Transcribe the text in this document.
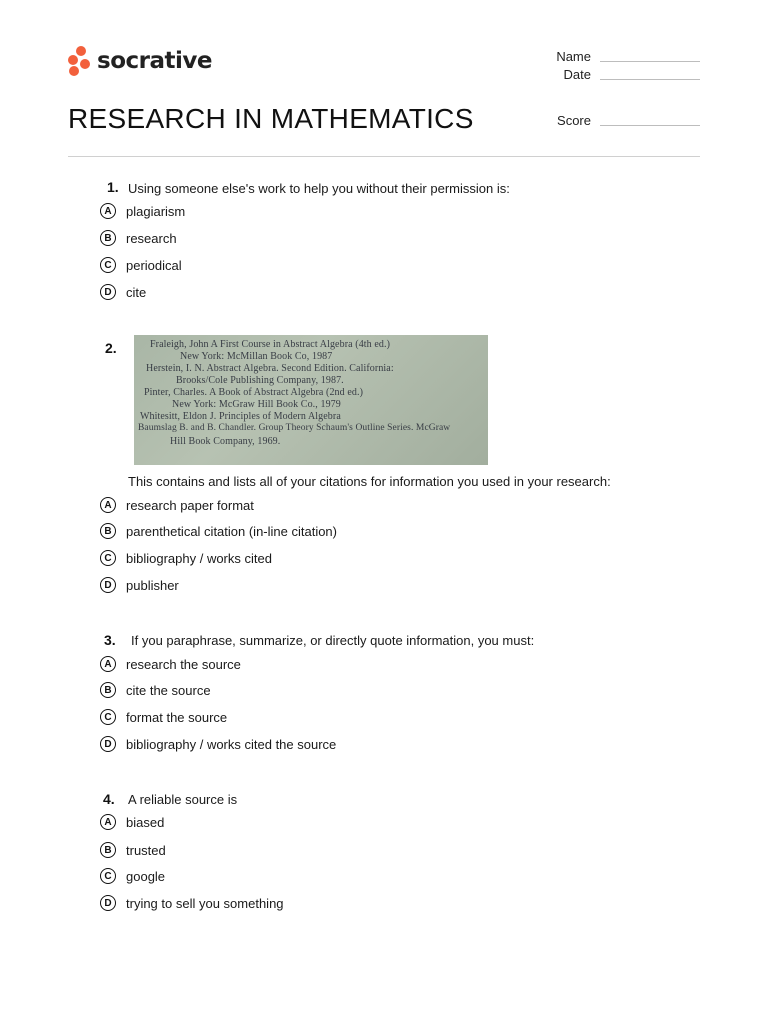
socrative	Name
Date
Score
RESEARCH IN MATHEMATICS
1. Using someone else's work to help you without their permission is:
A	plagiarism
B	research
C	periodical
D	cite
2.	Fraleigh, John A First Course in Abstract Algebra (4th ed.)
New York: McMillan Book Co, 1987
Herstein, I. N. Abstract Algebra. Second Edition. California:
Brooks/Cole Publishing Company, 1987.
Pinter, Charles. A Book of Abstract Algebra (2nd ed.)
New York: McGraw Hill Book Co., 1979
Whitesitt, Eldon J. Principles of Modern Algebra
Baumslag B. and B. Chandler. Group Theory Schaum's Outline Series. McGraw
Hill Book Company, 1969.
This contains and lists all of your citations for information you used in your research:
A	research paper format
B	parenthetical citation (in-line citation)
C	bibliography / works cited
D	publisher
3. If you paraphrase, summarize, or directly quote information, you must:
A	research the source
B	cite the source
C	format the source
D	bibliography / works cited the source
4. A reliable source is
A	biased
B	trusted
C	google
D	trying to sell you something
